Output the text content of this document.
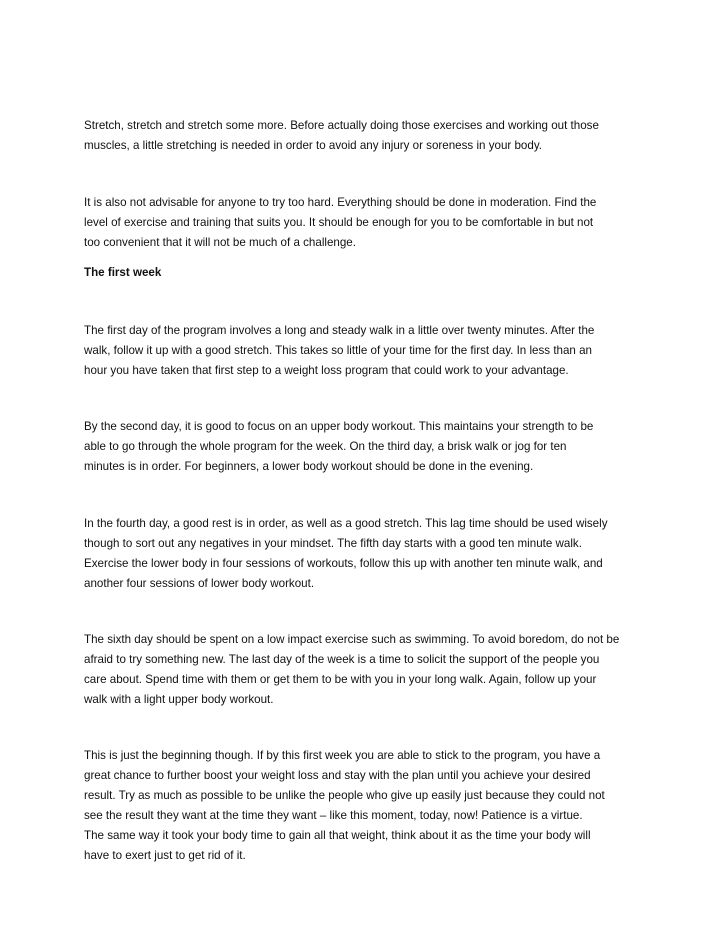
Stretch, stretch and stretch some more. Before actually doing those exercises and working out those
muscles, a little stretching is needed in order to avoid any injury or soreness in your body.

It is also not advisable for anyone to try too hard. Everything should be done in moderation. Find the
level of exercise and training that suits you. It should be enough for you to be comfortable in but not
too convenient that it will not be much of a challenge.

The first week

The first day of the program involves a long and steady walk in a little over twenty minutes. After the
walk, follow it up with a good stretch. This takes so little of your time for the first day. In less than an
hour you have taken that first step to a weight loss program that could work to your advantage.

By the second day, it is good to focus on an upper body workout. This maintains your strength to be
able to go through the whole program for the week. On the third day, a brisk walk or jog for ten
minutes is in order. For beginners, a lower body workout should be done in the evening.

In the fourth day, a good rest is in order, as well as a good stretch. This lag time should be used wisely
though to sort out any negatives in your mindset. The fifth day starts with a good ten minute walk.
Exercise the lower body in four sessions of workouts, follow this up with another ten minute walk, and
another four sessions of lower body workout.

The sixth day should be spent on a low impact exercise such as swimming. To avoid boredom, do not be
afraid to try something new. The last day of the week is a time to solicit the support of the people you
care about. Spend time with them or get them to be with you in your long walk. Again, follow up your
walk with a light upper body workout.

This is just the beginning though. If by this first week you are able to stick to the program, you have a
great chance to further boost your weight loss and stay with the plan until you achieve your desired
result. Try as much as possible to be unlike the people who give up easily just because they could not
see the result they want at the time they want – like this moment, today, now! Patience is a virtue.
The same way it took your body time to gain all that weight, think about it as the time your body will
have to exert just to get rid of it.
